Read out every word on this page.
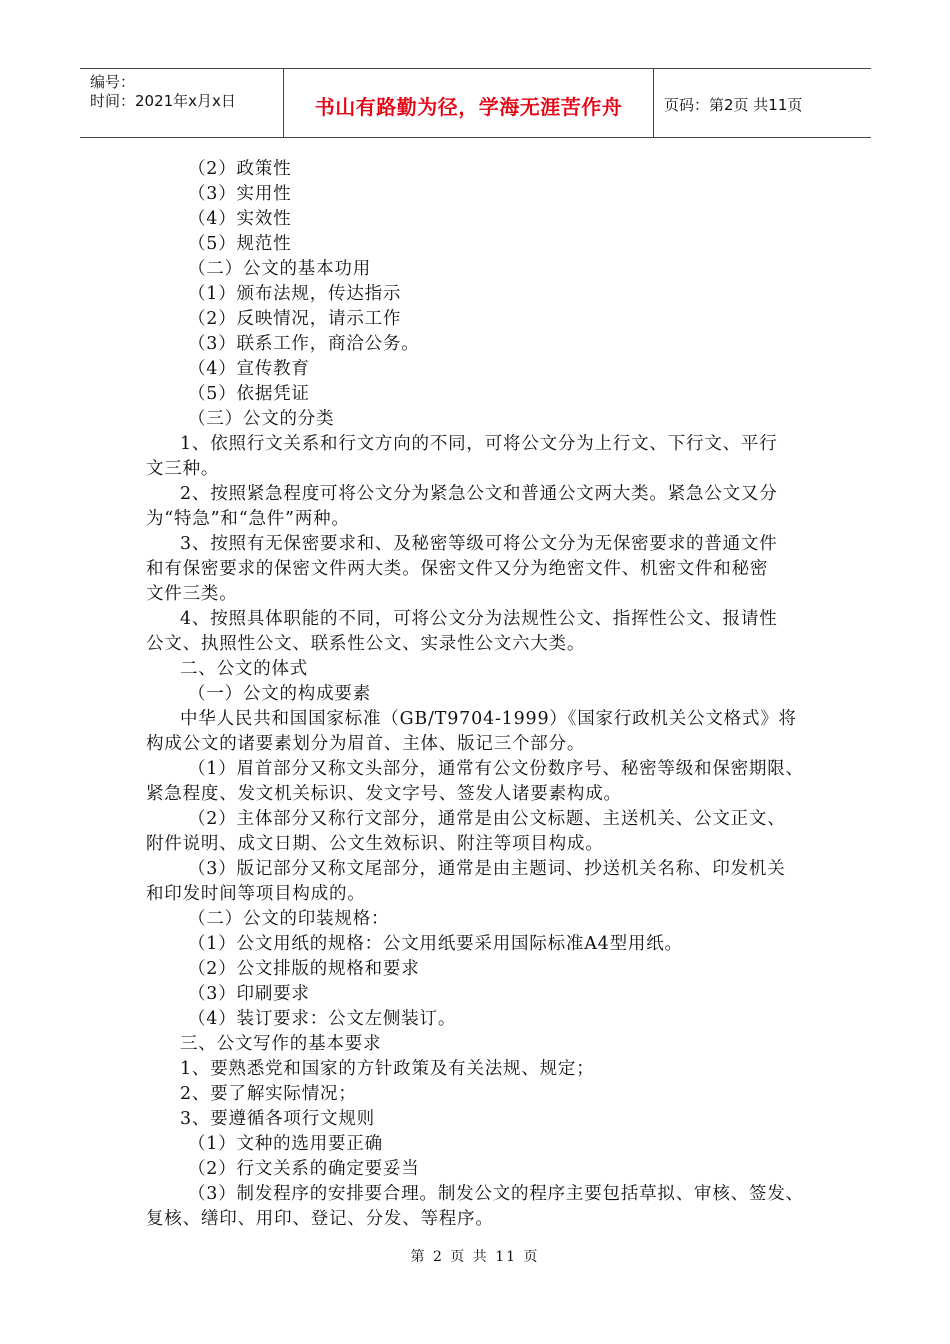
编号：
时间：2021年x月x日	书山有路勤为径，学海无涯苦作舟	页码：第2页 共11页
（2）政策性
（3）实用性
（4）实效性
（5）规范性
（二）公文的基本功用
（1）颁布法规，传达指示
（2）反映情况，请示工作
（3）联系工作，商洽公务。
（4）宣传教育
（5）依据凭证
（三）公文的分类
1、依照行文关系和行文方向的不同，可将公文分为上行文、下行文、平行
文三种。
2、按照紧急程度可将公文分为紧急公文和普通公文两大类。紧急公文又分
为“特急”和“急件”两种。
3、按照有无保密要求和、及秘密等级可将公文分为无保密要求的普通文件
和有保密要求的保密文件两大类。保密文件又分为绝密文件、机密文件和秘密
文件三类。
4、按照具体职能的不同，可将公文分为法规性公文、指挥性公文、报请性
公文、执照性公文、联系性公文、实录性公文六大类。
二、公文的体式
（一）公文的构成要素
中华人民共和国国家标准（GB/T9704-1999）《国家行政机关公文格式》将
构成公文的诸要素划分为眉首、主体、版记三个部分。
（1）眉首部分又称文头部分，通常有公文份数序号、秘密等级和保密期限、
紧急程度、发文机关标识、发文字号、签发人诸要素构成。
（2）主体部分又称行文部分，通常是由公文标题、主送机关、公文正文、
附件说明、成文日期、公文生效标识、附注等项目构成。
（3）版记部分又称文尾部分，通常是由主题词、抄送机关名称、印发机关
和印发时间等项目构成的。
（二）公文的印装规格：
（1）公文用纸的规格：公文用纸要采用国际标准A4型用纸。
（2）公文排版的规格和要求
（3）印刷要求
（4）装订要求：公文左侧装订。
三、公文写作的基本要求
1、要熟悉党和国家的方针政策及有关法规、规定；
2、要了解实际情况；
3、要遵循各项行文规则
（1）文种的选用要正确
（2）行文关系的确定要妥当
（3）制发程序的安排要合理。制发公文的程序主要包括草拟、审核、签发、
复核、缮印、用印、登记、分发、等程序。
第 2 页 共 11 页
